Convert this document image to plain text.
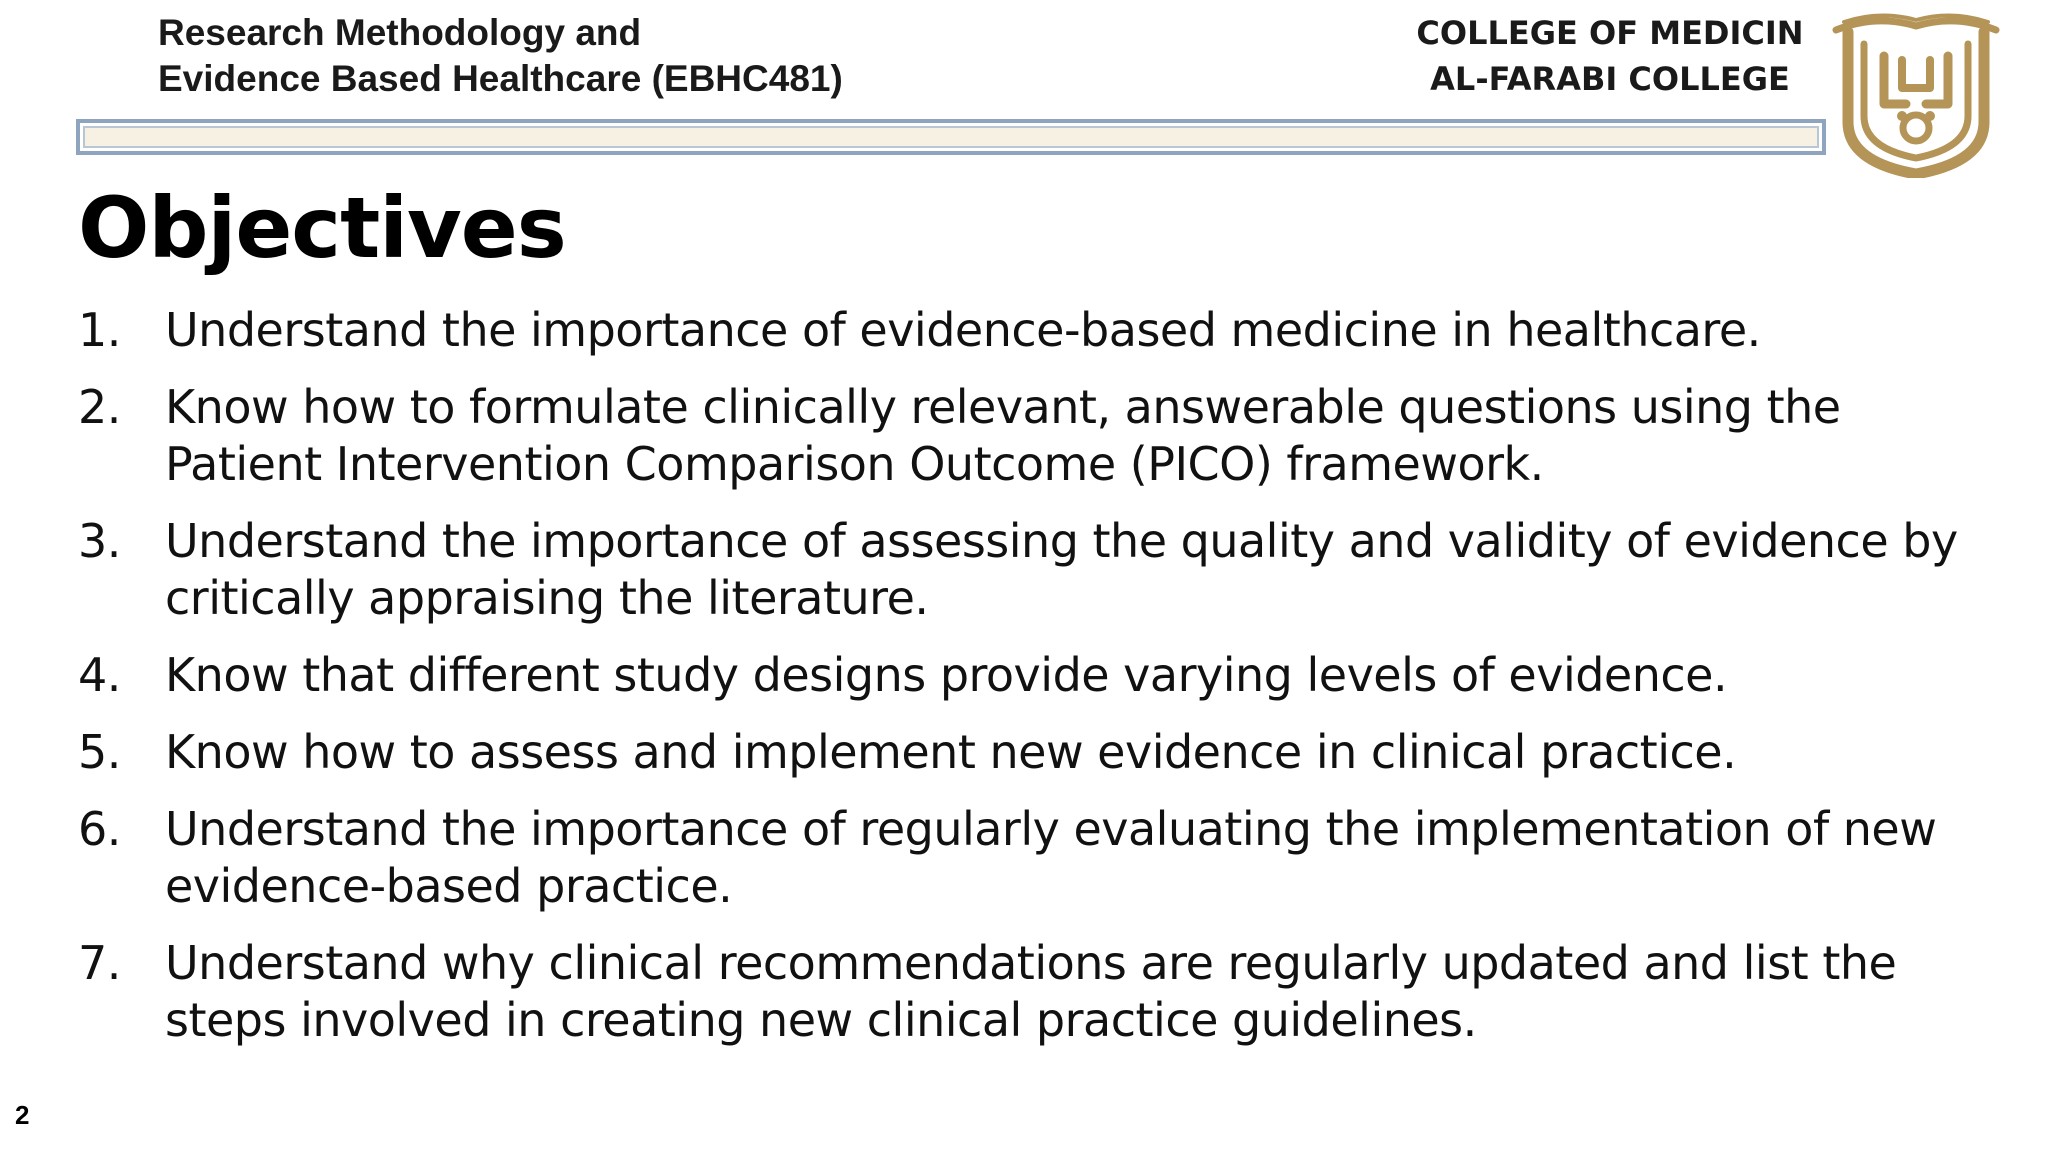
Research Methodology and
Evidence Based Healthcare (EBHC481)
COLLEGE OF MEDICIN
AL-FARABI COLLEGE
Objectives
1. Understand the importance of evidence-based medicine in healthcare.
2. Know how to formulate clinically relevant, answerable questions using the Patient Intervention Comparison Outcome (PICO) framework.
3. Understand the importance of assessing the quality and validity of evidence by critically appraising the literature.
4. Know that different study designs provide varying levels of evidence.
5. Know how to assess and implement new evidence in clinical practice.
6. Understand the importance of regularly evaluating the implementation of new evidence-based practice.
7. Understand why clinical recommendations are regularly updated and list the steps involved in creating new clinical practice guidelines.
2
